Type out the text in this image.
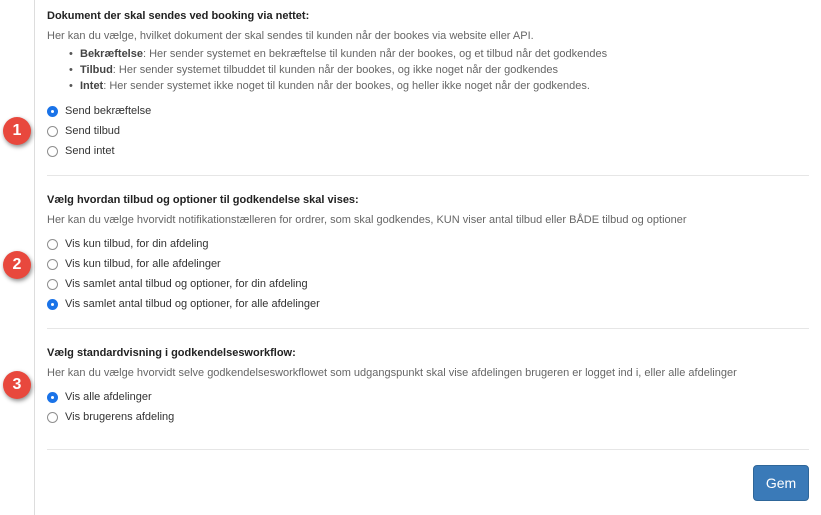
1
2
3
Dokument der skal sendes ved booking via nettet:
Her kan du vælge, hvilket dokument der skal sendes til kunden når der bookes via website eller API.
• Bekræftelse: Her sender systemet en bekræftelse til kunden når der bookes, og et tilbud når det godkendes
• Tilbud: Her sender systemet tilbuddet til kunden når der bookes, og ikke noget når der godkendes
• Intet: Her sender systemet ikke noget til kunden når der bookes, og heller ikke noget når der godkendes.
Send bekræftelse
Send tilbud
Send intet
Vælg hvordan tilbud og optioner til godkendelse skal vises:
Her kan du vælge hvorvidt notifikationstælleren for ordrer, som skal godkendes, KUN viser antal tilbud eller BÅDE tilbud og optioner
Vis kun tilbud, for din afdeling
Vis kun tilbud, for alle afdelinger
Vis samlet antal tilbud og optioner, for din afdeling
Vis samlet antal tilbud og optioner, for alle afdelinger
Vælg standardvisning i godkendelsesworkflow:
Her kan du vælge hvorvidt selve godkendelsesworkflowet som udgangspunkt skal vise afdelingen brugeren er logget ind i, eller alle afdelinger
Vis alle afdelinger
Vis brugerens afdeling
Gem
